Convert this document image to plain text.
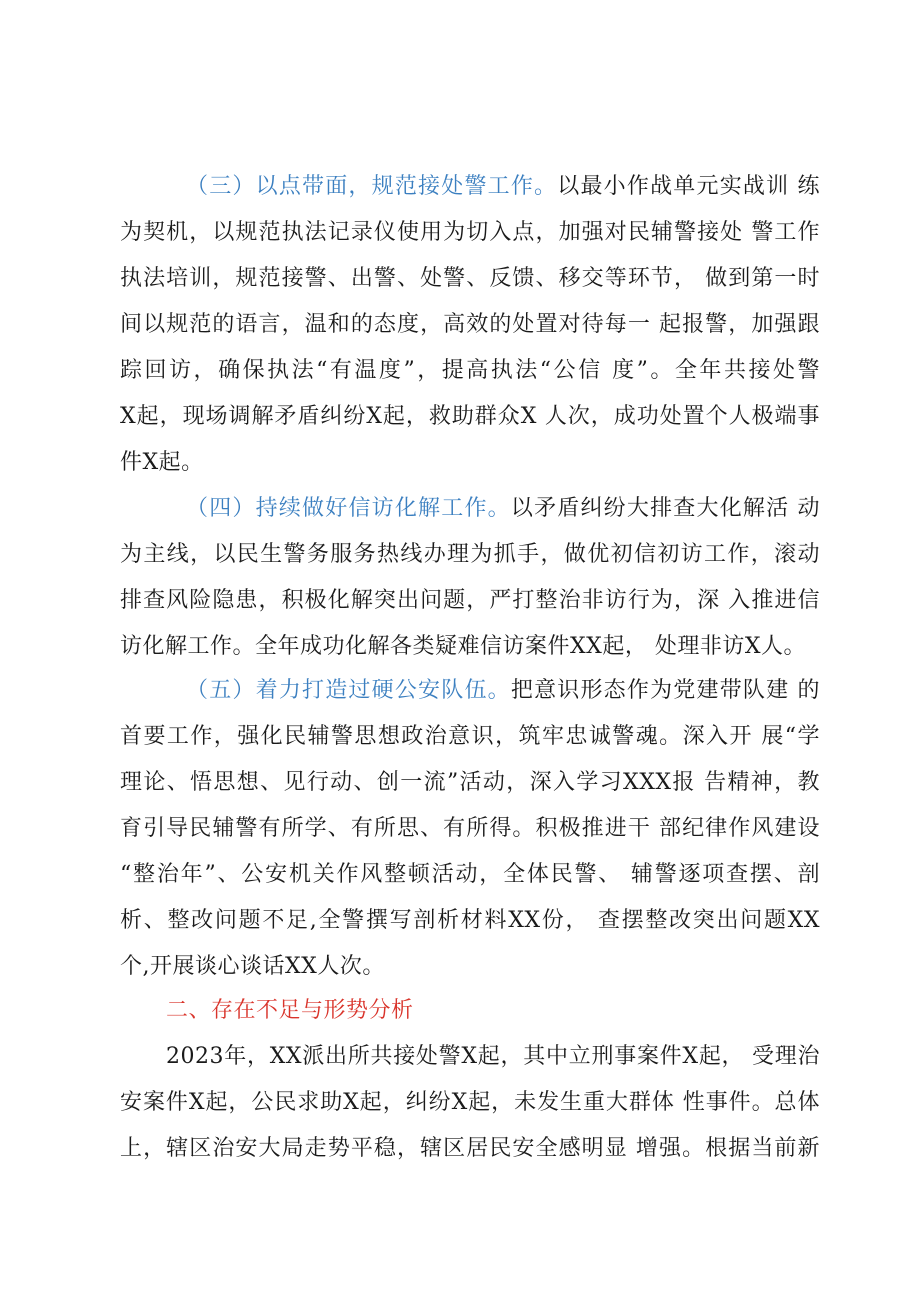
（三）以点带面，规范接处警工作。以最小作战单元实战训 练
为契机，以规范执法记录仪使用为切入点，加强对民辅警接处 警工作
执法培训，规范接警、出警、处警、反馈、移交等环节， 做到第一时
间以规范的语言，温和的态度，高效的处置对待每一 起报警，加强跟
踪回访，确保执法“有温度”，提高执法“公信 度”。全年共接处警
X起，现场调解矛盾纠纷X起，救助群众X 人次，成功处置个人极端事
件X起。
（四）持续做好信访化解工作。以矛盾纠纷大排查大化解活 动
为主线，以民生警务服务热线办理为抓手，做优初信初访工作，滚动
排查风险隐患，积极化解突出问题，严打整治非访行为，深 入推进信
访化解工作。全年成功化解各类疑难信访案件XX起， 处理非访X人。
（五）着力打造过硬公安队伍。把意识形态作为党建带队建 的
首要工作，强化民辅警思想政治意识，筑牢忠诚警魂。深入开 展“学
理论、悟思想、见行动、创一流”活动，深入学习XXX报 告精神，教
育引导民辅警有所学、有所思、有所得。积极推进干 部纪律作风建设
“整治年”、公安机关作风整顿活动，全体民警、 辅警逐项查摆、剖
析、整改问题不足,全警撰写剖析材料XX份， 查摆整改突出问题XX
个,开展谈心谈话XX人次。
二、存在不足与形势分析
2023年，XX派出所共接处警X起，其中立刑事案件X起， 受理治
安案件X起，公民求助X起，纠纷X起，未发生重大群体 性事件。总体
上，辖区治安大局走势平稳，辖区居民安全感明显 增强。根据当前新
